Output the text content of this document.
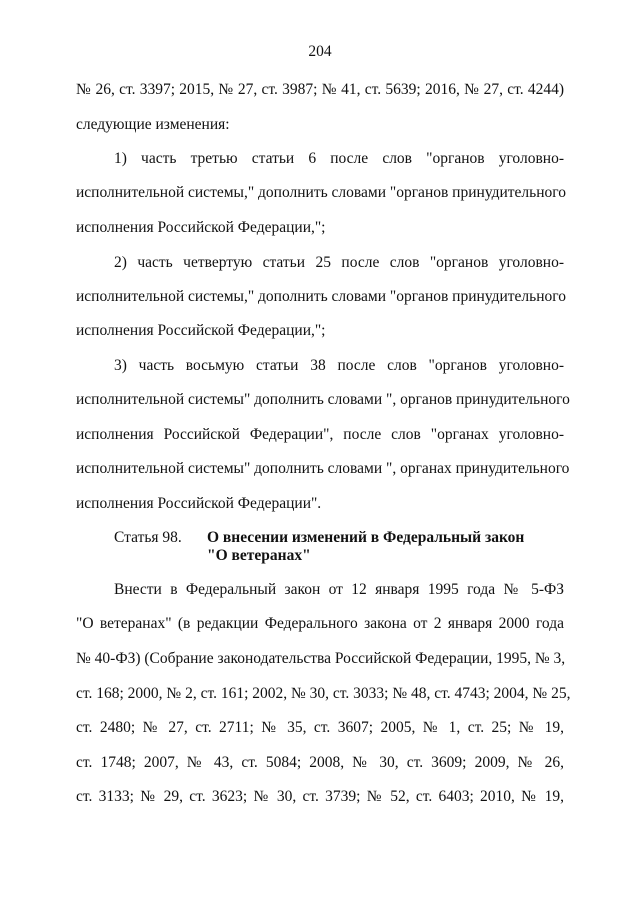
204
№ 26, ст. 3397; 2015, № 27, ст. 3987; № 41, ст. 5639; 2016, № 27, ст. 4244)
следующие изменения:
1) часть третью статьи 6 после слов "органов уголовно-
исполнительной системы," дополнить словами "органов принудительного
исполнения Российской Федерации,";
2) часть четвертую статьи 25 после слов "органов уголовно-
исполнительной системы," дополнить словами "органов принудительного
исполнения Российской Федерации,";
3) часть восьмую статьи 38 после слов "органов уголовно-
исполнительной системы" дополнить словами ", органов принудительного
исполнения Российской Федерации", после слов "органах уголовно-
исполнительной системы" дополнить словами ", органах принудительного
исполнения Российской Федерации".
Статья 98. О внесении изменений в Федеральный закон
"О ветеранах"
Внести в Федеральный закон от 12 января 1995 года № 5-ФЗ
"О ветеранах" (в редакции Федерального закона от 2 января 2000 года
№ 40-ФЗ) (Собрание законодательства Российской Федерации, 1995, № 3,
ст. 168; 2000, № 2, ст. 161; 2002, № 30, ст. 3033; № 48, ст. 4743; 2004, № 25,
ст. 2480; № 27, ст. 2711; № 35, ст. 3607; 2005, № 1, ст. 25; № 19,
ст. 1748; 2007, № 43, ст. 5084; 2008, № 30, ст. 3609; 2009, № 26,
ст. 3133; № 29, ст. 3623; № 30, ст. 3739; № 52, ст. 6403; 2010, № 19,
